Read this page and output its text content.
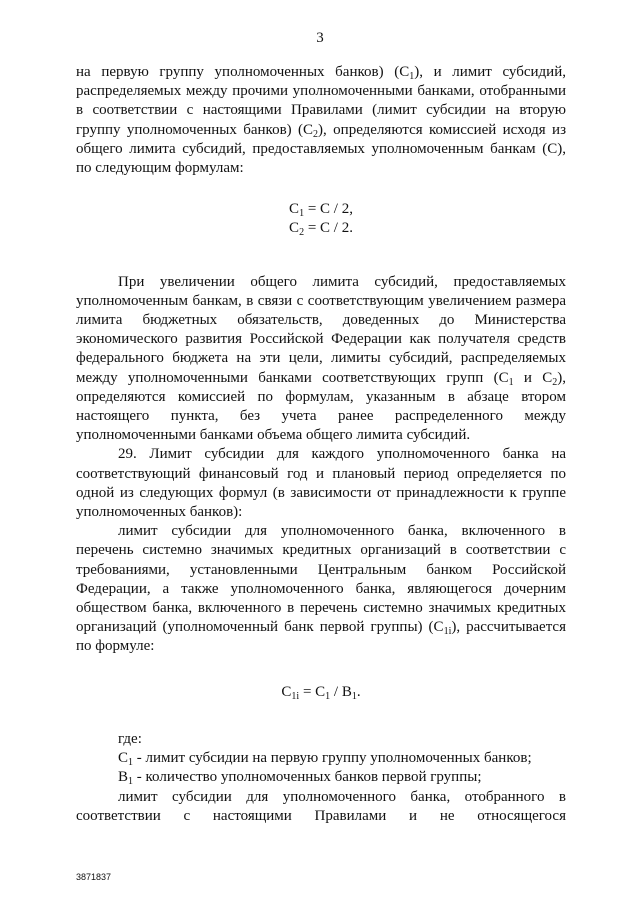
3

на первую группу уполномоченных банков) $(С_1)$, и лимит субсидий, распределяемых между прочими уполномоченными банками, отобранными в соответствии с настоящими Правилами (лимит субсидии на вторую группу уполномоченных банков) $(С_2)$, определяются комиссией исходя из общего лимита субсидий, предоставляемых уполномоченным банкам (С), по следующим формулам:

$C_1 = C / 2$,
$C_2 = C / 2$.

При увеличении общего лимита субсидий, предоставляемых уполномоченным банкам, в связи с соответствующим увеличением размера лимита бюджетных обязательств, доведенных до Министерства экономического развития Российской Федерации как получателя средств федерального бюджета на эти цели, лимиты субсидий, распределяемых между уполномоченными банками соответствующих групп ($С_1$ и $С_2$), определяются комиссией по формулам, указанным в абзаце втором настоящего пункта, без учета ранее распределенного между уполномоченными банками объема общего лимита субсидий.

29. Лимит субсидии для каждого уполномоченного банка на соответствующий финансовый год и плановый период определяется по одной из следующих формул (в зависимости от принадлежности к группе уполномоченных банков):

лимит субсидии для уполномоченного банка, включенного в перечень системно значимых кредитных организаций в соответствии с требованиями, установленными Центральным банком Российской Федерации, а также уполномоченного банка, являющегося дочерним обществом банка, включенного в перечень системно значимых кредитных организаций (уполномоченный банк первой группы) $(С_{1i})$, рассчитывается по формуле:

$C_{1i} = C_1 / B_1$.

где:

$С_1$ - лимит субсидии на первую группу уполномоченных банков;

$B_1$ - количество уполномоченных банков первой группы;

лимит субсидии для уполномоченного банка, отобранного в соответствии с настоящими Правилами и не относящегося

3871837
